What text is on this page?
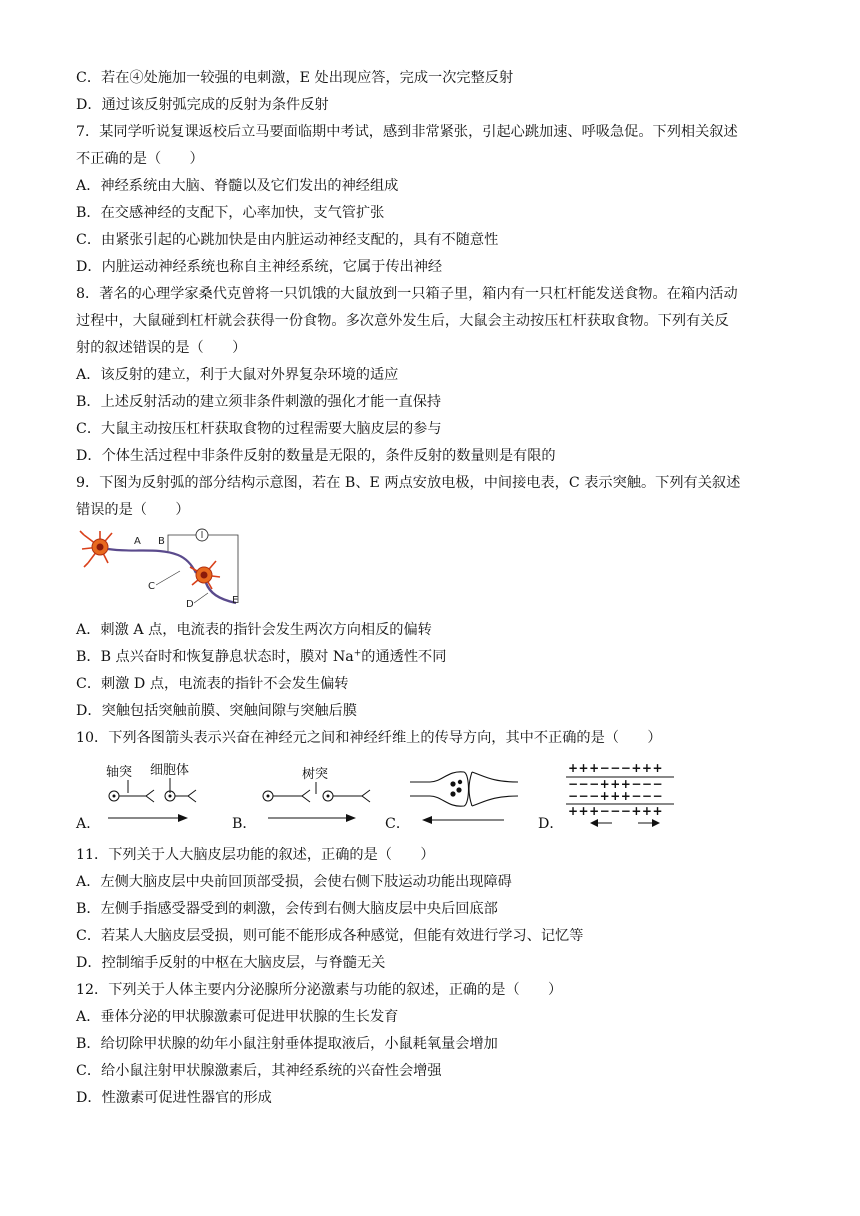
C．若在④处施加一较强的电刺激，E 处出现应答，完成一次完整反射
D．通过该反射弧完成的反射为条件反射
7．某同学听说复课返校后立马要面临期中考试，感到非常紧张，引起心跳加速、呼吸急促。下列相关叙述
不正确的是（　　）
A．神经系统由大脑、脊髓以及它们发出的神经组成
B．在交感神经的支配下，心率加快，支气管扩张
C．由紧张引起的心跳加快是由内脏运动神经支配的，具有不随意性
D．内脏运动神经系统也称自主神经系统，它属于传出神经
8．著名的心理学家桑代克曾将一只饥饿的大鼠放到一只箱子里，箱内有一只杠杆能发送食物。在箱内活动
过程中，大鼠碰到杠杆就会获得一份食物。多次意外发生后，大鼠会主动按压杠杆获取食物。下列有关反
射的叙述错误的是（　　）
A．该反射的建立，利于大鼠对外界复杂环境的适应
B．上述反射活动的建立须非条件刺激的强化才能一直保持
C．大鼠主动按压杠杆获取食物的过程需要大脑皮层的参与
D．个体生活过程中非条件反射的数量是无限的，条件反射的数量则是有限的
9．下图为反射弧的部分结构示意图，若在 B、E 两点安放电极，中间接电表，C 表示突触。下列有关叙述
错误的是（　　）
A B
C
D	E
A．刺激 A 点，电流表的指针会发生两次方向相反的偏转
B．B 点兴奋时和恢复静息状态时，膜对 Na+的通透性不同
C．刺激 D 点，电流表的指针不会发生偏转
D．突触包括突触前膜、突触间隙与突触后膜
10．下列各图箭头表示兴奋在神经元之间和神经纤维上的传导方向，其中不正确的是（　　）
A．
轴突 细胞体
B．
树突
C．	D．
+++−−−+++
−−−+++−−−
−−−+++−−−
+++−−−+++
11．下列关于人大脑皮层功能的叙述，正确的是（　　）
A．左侧大脑皮层中央前回顶部受损，会使右侧下肢运动功能出现障碍
B．左侧手指感受器受到的刺激，会传到右侧大脑皮层中央后回底部
C．若某人大脑皮层受损，则可能不能形成各种感觉，但能有效进行学习、记忆等
D．控制缩手反射的中枢在大脑皮层，与脊髓无关
12．下列关于人体主要内分泌腺所分泌激素与功能的叙述，正确的是（　　）
A．垂体分泌的甲状腺激素可促进甲状腺的生长发育
B．给切除甲状腺的幼年小鼠注射垂体提取液后，小鼠耗氧量会增加
C．给小鼠注射甲状腺激素后，其神经系统的兴奋性会增强
D．性激素可促进性器官的形成
